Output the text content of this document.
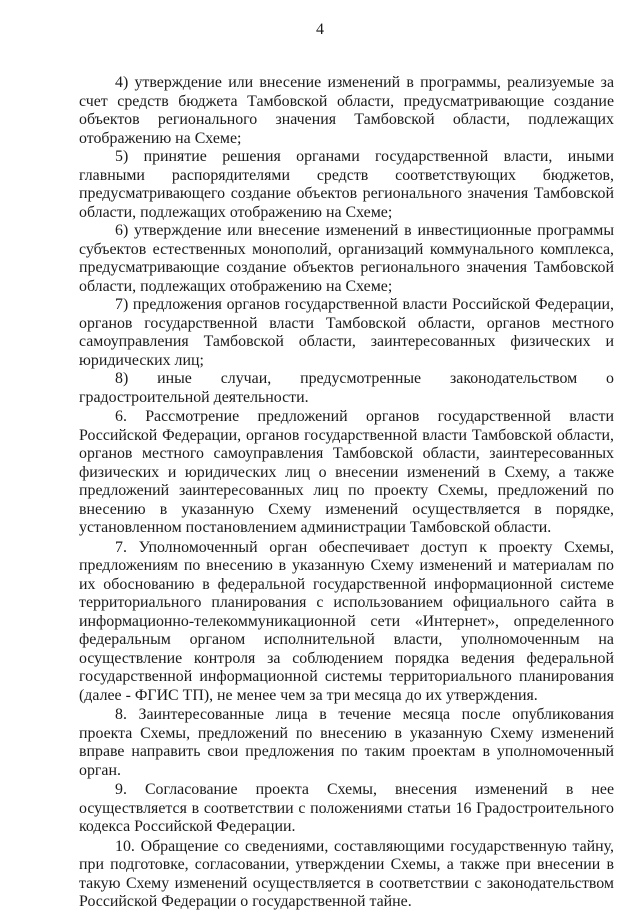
4

4) утверждение или внесение изменений в программы, реализуемые за счет средств бюджета Тамбовской области, предусматривающие создание объектов регионального значения Тамбовской области, подлежащих отображению на Схеме;

5) принятие решения органами государственной власти, иными главными распорядителями средств соответствующих бюджетов, предусматривающего создание объектов регионального значения Тамбовской области, подлежащих отображению на Схеме;

6) утверждение или внесение изменений в инвестиционные программы субъектов естественных монополий, организаций коммунального комплекса, предусматривающие создание объектов регионального значения Тамбовской области, подлежащих отображению на Схеме;

7) предложения органов государственной власти Российской Федерации, органов государственной власти Тамбовской области, органов местного самоуправления Тамбовской области, заинтересованных физических и юридических лиц;

8) иные случаи, предусмотренные законодательством о градостроительной деятельности.

6. Рассмотрение предложений органов государственной власти Российской Федерации, органов государственной власти Тамбовской области, органов местного самоуправления Тамбовской области, заинтересованных физических и юридических лиц о внесении изменений в Схему, а также предложений заинтересованных лиц по проекту Схемы, предложений по внесению в указанную Схему изменений осуществляется в порядке, установленном постановлением администрации Тамбовской области.

7. Уполномоченный орган обеспечивает доступ к проекту Схемы, предложениям по внесению в указанную Схему изменений и материалам по их обоснованию в федеральной государственной информационной системе территориального планирования с использованием официального сайта в информационно-телекоммуникационной сети «Интернет», определенного федеральным органом исполнительной власти, уполномоченным на осуществление контроля за соблюдением порядка ведения федеральной государственной информационной системы территориального планирования (далее - ФГИС ТП), не менее чем за три месяца до их утверждения.

8. Заинтересованные лица в течение месяца после опубликования проекта Схемы, предложений по внесению в указанную Схему изменений вправе направить свои предложения по таким проектам в уполномоченный орган.

9. Согласование проекта Схемы, внесения изменений в нее осуществляется в соответствии с положениями статьи 16 Градостроительного кодекса Российской Федерации.

10. Обращение со сведениями, составляющими государственную тайну, при подготовке, согласовании, утверждении Схемы, а также при внесении в такую Схему изменений осуществляется в соответствии с законодательством Российской Федерации о государственной тайне.
